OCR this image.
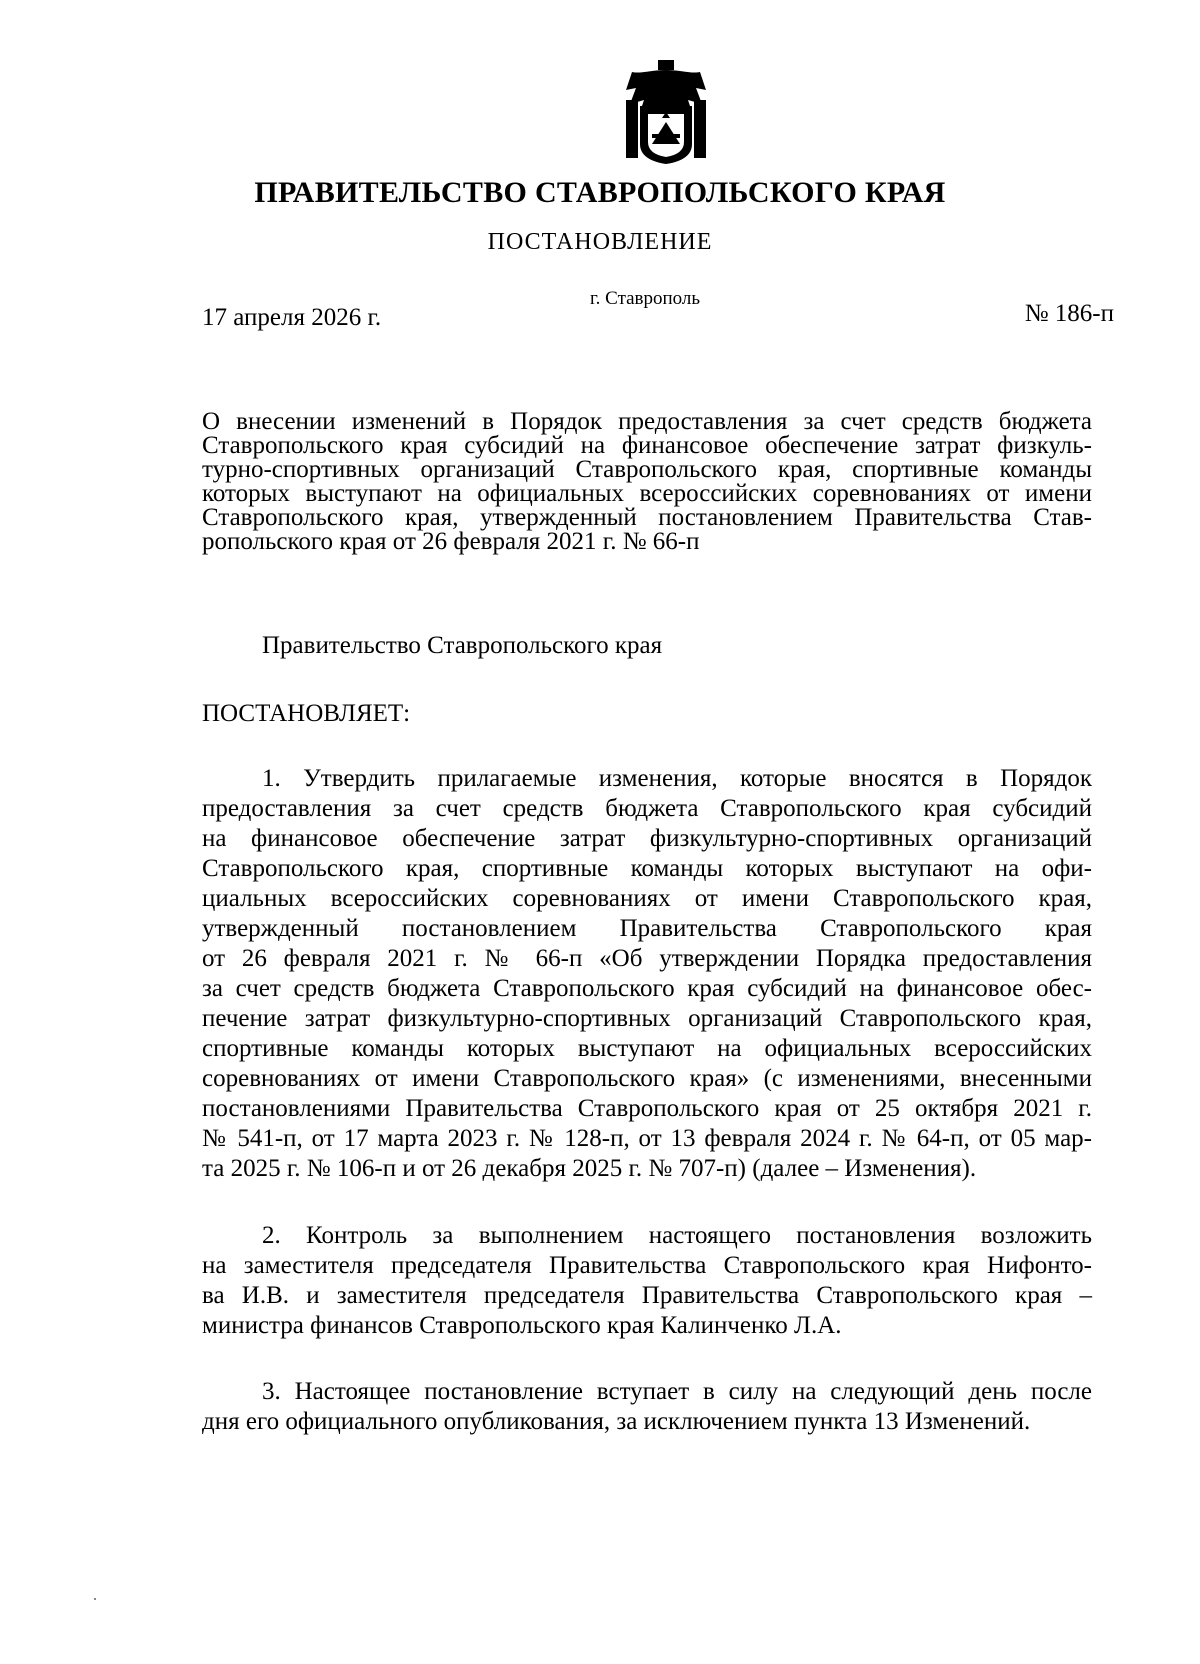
ПРАВИТЕЛЬСТВО СТАВРОПОЛЬСКОГО КРАЯ
ПОСТАНОВЛЕНИЕ
г. Ставрополь
17 апреля 2026 г.	№ 186-п
О внесении изменений в Порядок предоставления за счет средств бюджета
Ставропольского края субсидий на финансовое обеспечение затрат физкуль-
турно-спортивных организаций Ставропольского края, спортивные команды
которых выступают на официальных всероссийских соревнованиях от имени
Ставропольского края, утвержденный постановлением Правительства Став-
ропольского края от 26 февраля 2021 г. № 66-п
Правительство Ставропольского края
ПОСТАНОВЛЯЕТ:
1. Утвердить прилагаемые изменения, которые вносятся в Порядок
предоставления за счет средств бюджета Ставропольского края субсидий
на финансовое обеспечение затрат физкультурно-спортивных организаций
Ставропольского края, спортивные команды которых выступают на офи-
циальных всероссийских соревнованиях от имени Ставропольского края,
утвержденный постановлением Правительства Ставропольского края
от 26 февраля 2021 г. № 66-п «Об утверждении Порядка предоставления
за счет средств бюджета Ставропольского края субсидий на финансовое обес-
печение затрат физкультурно-спортивных организаций Ставропольского края,
спортивные команды которых выступают на официальных всероссийских
соревнованиях от имени Ставропольского края» (с изменениями, внесенными
постановлениями Правительства Ставропольского края от 25 октября 2021 г.
№ 541-п, от 17 марта 2023 г. № 128-п, от 13 февраля 2024 г. № 64-п, от 05 мар-
та 2025 г. № 106-п и от 26 декабря 2025 г. № 707-п) (далее – Изменения).
2. Контроль за выполнением настоящего постановления возложить
на заместителя председателя Правительства Ставропольского края Нифонто-
ва И.В. и заместителя председателя Правительства Ставропольского края –
министра финансов Ставропольского края Калинченко Л.А.
3. Настоящее постановление вступает в силу на следующий день после
дня его официального опубликования, за исключением пункта 13 Изменений.
